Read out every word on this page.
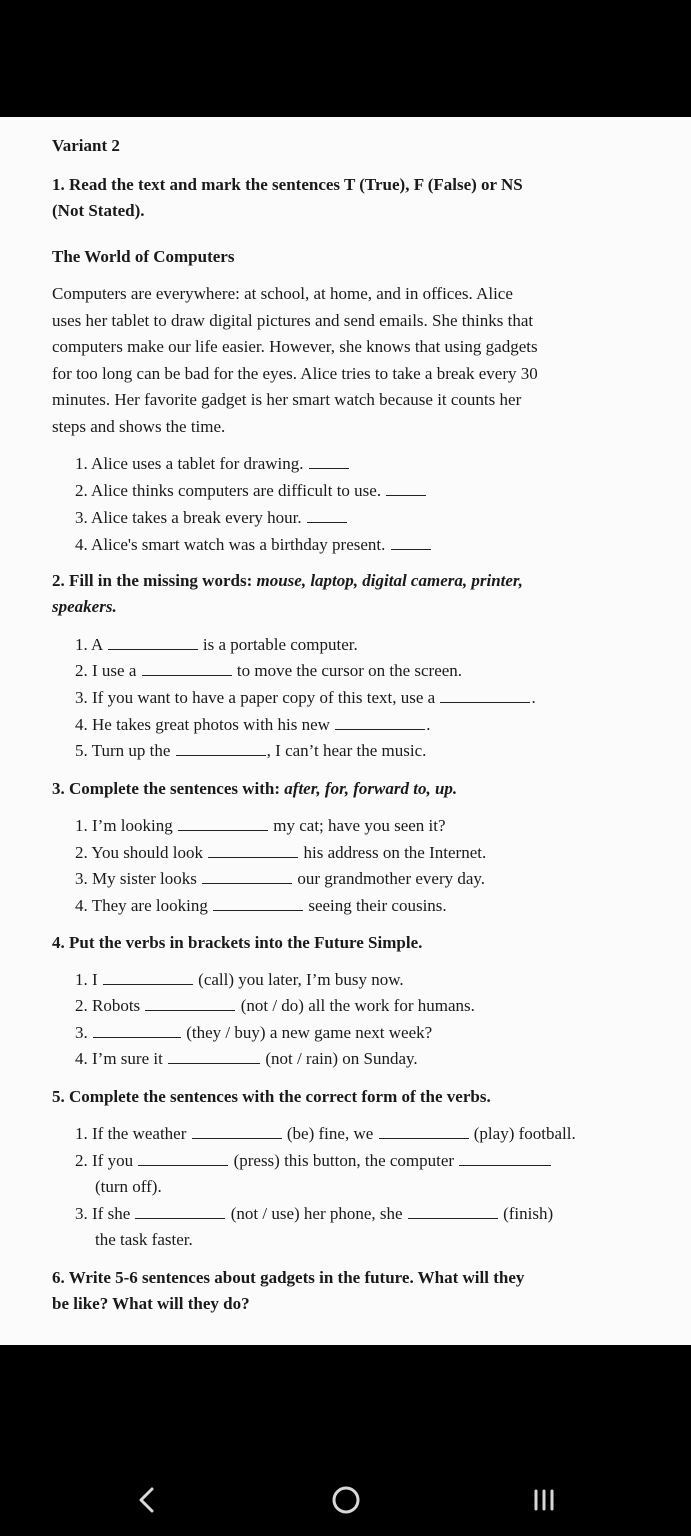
Variant 2
1. Read the text and mark the sentences T (True), F (False) or NS
(Not Stated).
The World of Computers
Computers are everywhere: at school, at home, and in offices. Alice
uses her tablet to draw digital pictures and send emails. She thinks that
computers make our life easier. However, she knows that using gadgets
for too long can be bad for the eyes. Alice tries to take a break every 30
minutes. Her favorite gadget is her smart watch because it counts her
steps and shows the time.
1. Alice uses a tablet for drawing.
2. Alice thinks computers are difficult to use.
3. Alice takes a break every hour.
4. Alice's smart watch was a birthday present.
2. Fill in the missing words: mouse, laptop, digital camera, printer,
speakers.
1. A	is a portable computer.
2. I use a	to move the cursor on the screen.
3. If you want to have a paper copy of this text, use a	.
4. He takes great photos with his new	.
5. Turn up the	, I can’t hear the music.
3. Complete the sentences with: after, for, forward to, up.
1. I’m looking	my cat; have you seen it?
2. You should look	his address on the Internet.
3. My sister looks	our grandmother every day.
4. They are looking	seeing their cousins.
4. Put the verbs in brackets into the Future Simple.
1. I	(call) you later, I’m busy now.
2. Robots	(not / do) all the work for humans.
3.	(they / buy) a new game next week?
4. I’m sure it	(not / rain) on Sunday.
5. Complete the sentences with the correct form of the verbs.
1. If the weather	(be) fine, we	(play) football.
2. If you	(press) this button, the computer
(turn off).
3. If she	(not / use) her phone, she	(finish)
the task faster.
6. Write 5-6 sentences about gadgets in the future. What will they
be like? What will they do?
